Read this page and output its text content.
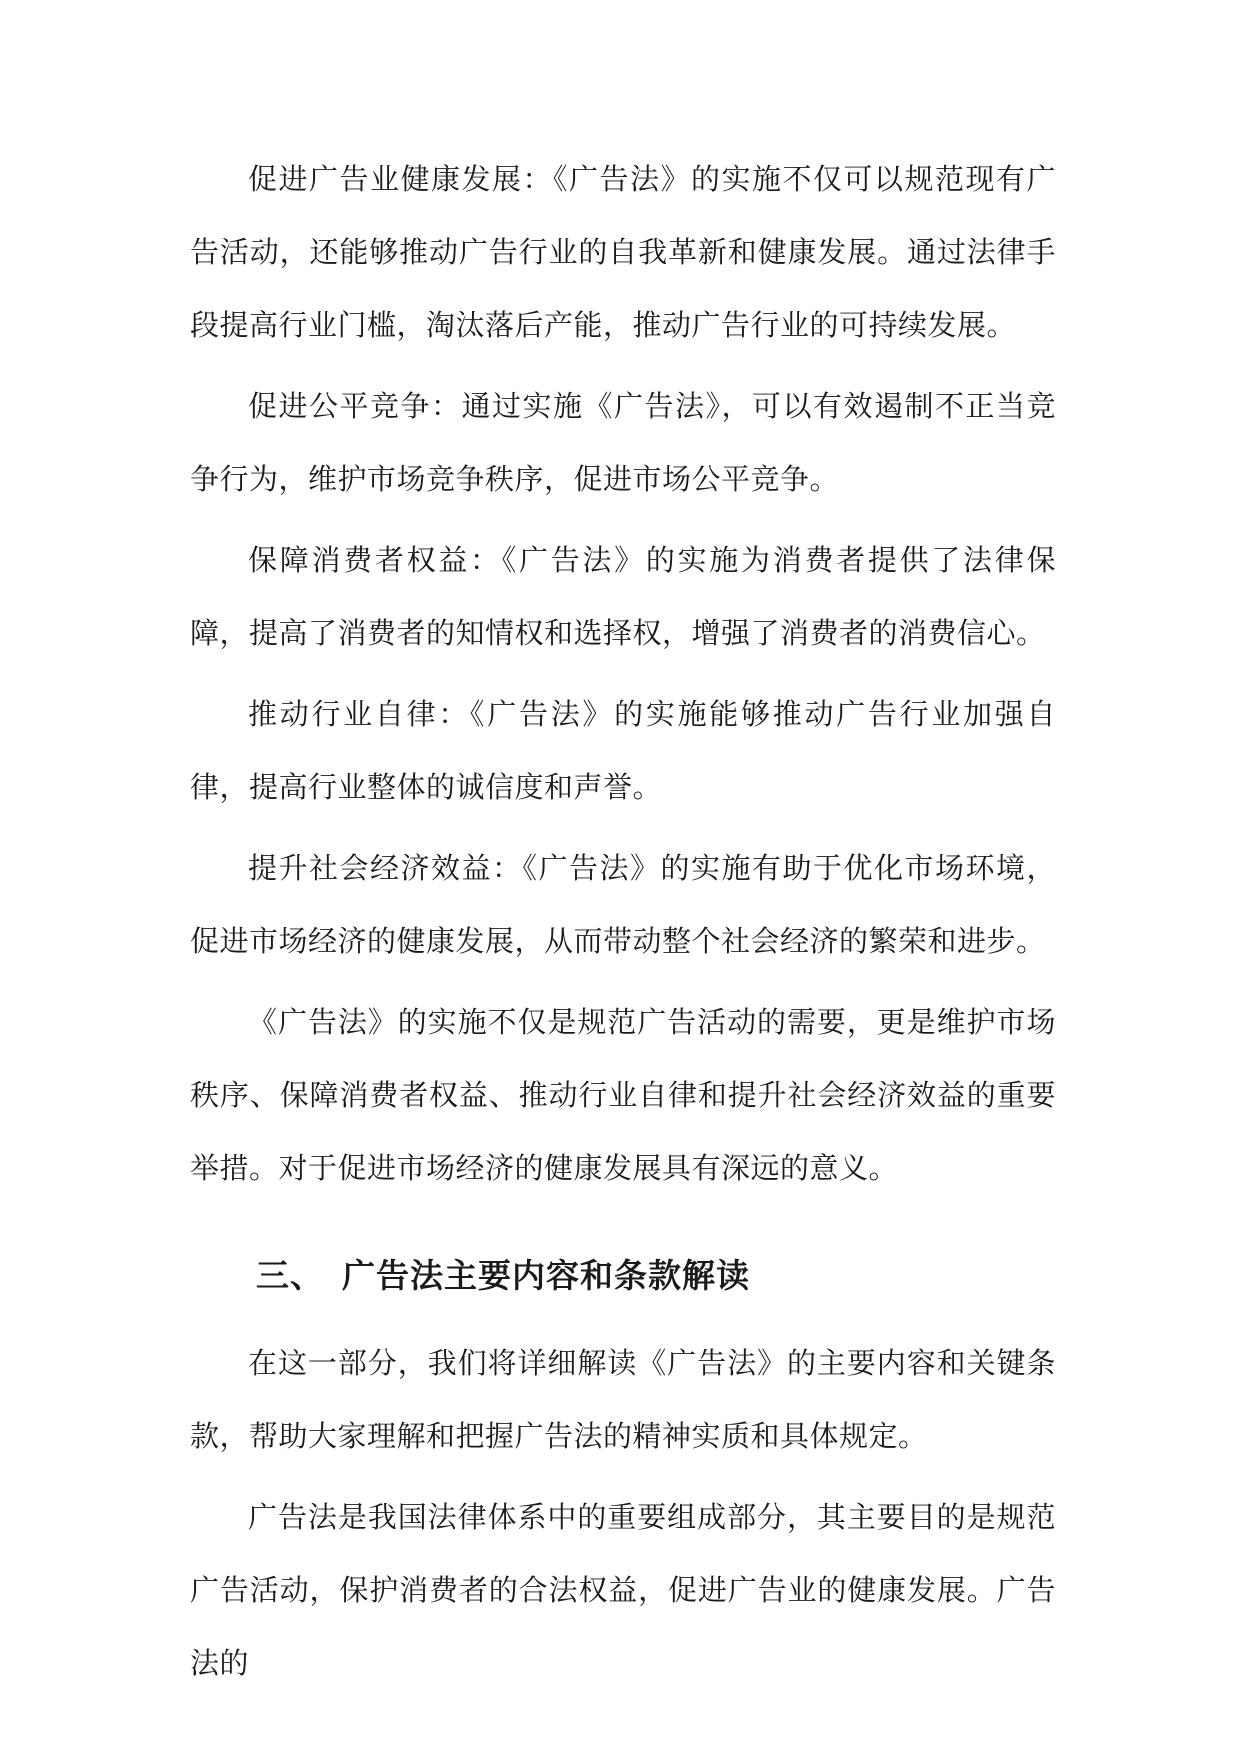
促进广告业健康发展：《广告法》的实施不仅可以规范现有广告活动，还能够推动广告行业的自我革新和健康发展。通过法律手段提高行业门槛，淘汰落后产能，推动广告行业的可持续发展。

促进公平竞争：通过实施《广告法》，可以有效遏制不正当竞争行为，维护市场竞争秩序，促进市场公平竞争。

保障消费者权益：《广告法》的实施为消费者提供了法律保障，提高了消费者的知情权和选择权，增强了消费者的消费信心。

推动行业自律：《广告法》的实施能够推动广告行业加强自律，提高行业整体的诚信度和声誉。

提升社会经济效益：《广告法》的实施有助于优化市场环境，促进市场经济的健康发展，从而带动整个社会经济的繁荣和进步。

《广告法》的实施不仅是规范广告活动的需要，更是维护市场秩序、保障消费者权益、推动行业自律和提升社会经济效益的重要举措。对于促进市场经济的健康发展具有深远的意义。

三、 广告法主要内容和条款解读

在这一部分，我们将详细解读《广告法》的主要内容和关键条款，帮助大家理解和把握广告法的精神实质和具体规定。

广告法是我国法律体系中的重要组成部分，其主要目的是规范广告活动，保护消费者的合法权益，促进广告业的健康发展。广告法的
